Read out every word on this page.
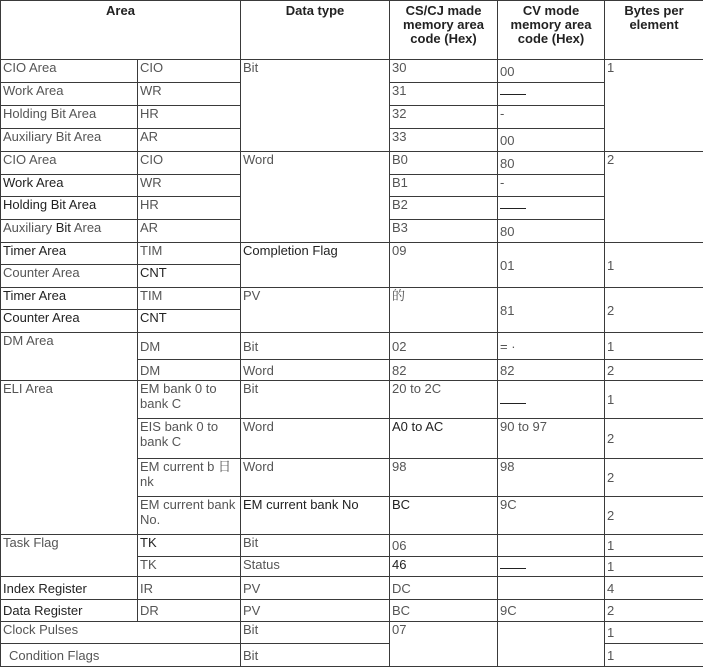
Area		Data type	CS/CJ made memory area code (Hex)	CV mode memory area code (Hex)	Bytes per element
CIO Area	CIO	Bit	30	00	1
Work Area	WR		31		
Holding Bit Area	HR		32	-	
Auxiliary Bit Area	AR		33	00	
CIO Area	CIO	Word	B0	80	2
Work Area	WR		B1	-	
Holding Bit Area	HR		B2		
Auxiliary Bit Area	AR		B3	80	
Timer Area	TIM	Completion Flag	09	01	1
Counter Area	CNT				
Timer Area	TIM	PV	的	81	2
Counter Area	CNT				
DM Area	DM	Bit	02	= ·	1
	DM	Word	82	82	2
ELI Area	EM bank 0 to bank C	Bit	20 to 2C		1
	EIS bank 0 to bank C	Word	A0 to AC	90 to 97	2
	EM current b 日 nk	Word	98	98	2
	EM current bank No.	EM current bank No	BC	9C	2
Task Flag	TK	Bit	06		1
	TK	Status	46		1
Index Register	IR	PV	DC		4
Data Register	DR	PV	BC	9C	2
Clock Pulses		Bit	07		1
Condition Flags		Bit			1
